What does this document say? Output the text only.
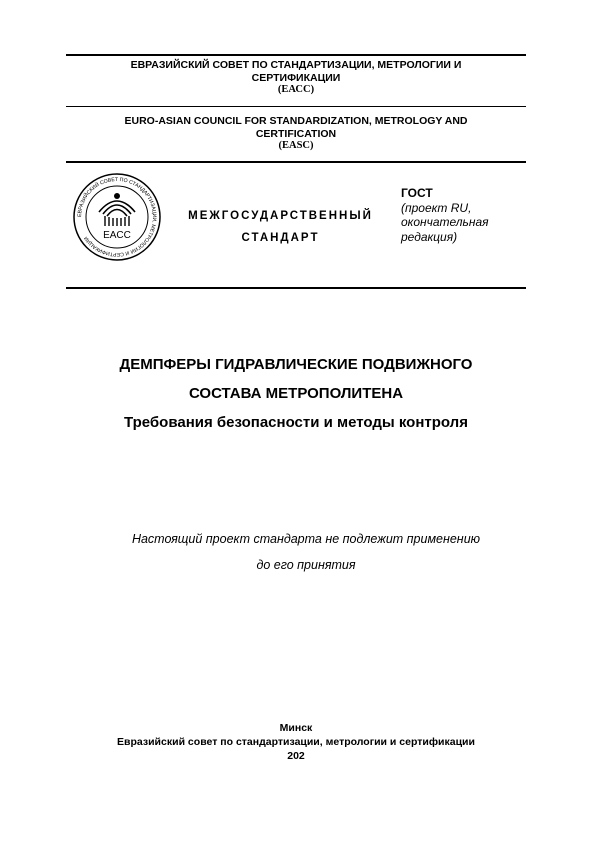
ЕВРАЗИЙСКИЙ СОВЕТ ПО СТАНДАРТИЗАЦИИ, МЕТРОЛОГИИ И
СЕРТИФИКАЦИИ
(ЕАСС)
EURO-ASIAN COUNCIL FOR STANDARDIZATION, METROLOGY AND
CERTIFICATION
(EASC)
ЕВРАЗИЙСКИЙ СОВЕТ ПО СТАНДАРТИЗАЦИИ, МЕТРОЛОГИИ И СЕРТИФИКАЦИИ	EACC
МЕЖГОСУДАРСТВЕННЫЙ
СТАНДАРТ
ГОСТ
(проект RU,
окончательная
редакция)
ДЕМПФЕРЫ ГИДРАВЛИЧЕСКИЕ ПОДВИЖНОГО
СОСТАВА МЕТРОПОЛИТЕНА
Требования безопасности и методы контроля
Настоящий проект стандарта не подлежит применению
до его принятия
Минск
Евразийский совет по стандартизации, метрологии и сертификации
202
